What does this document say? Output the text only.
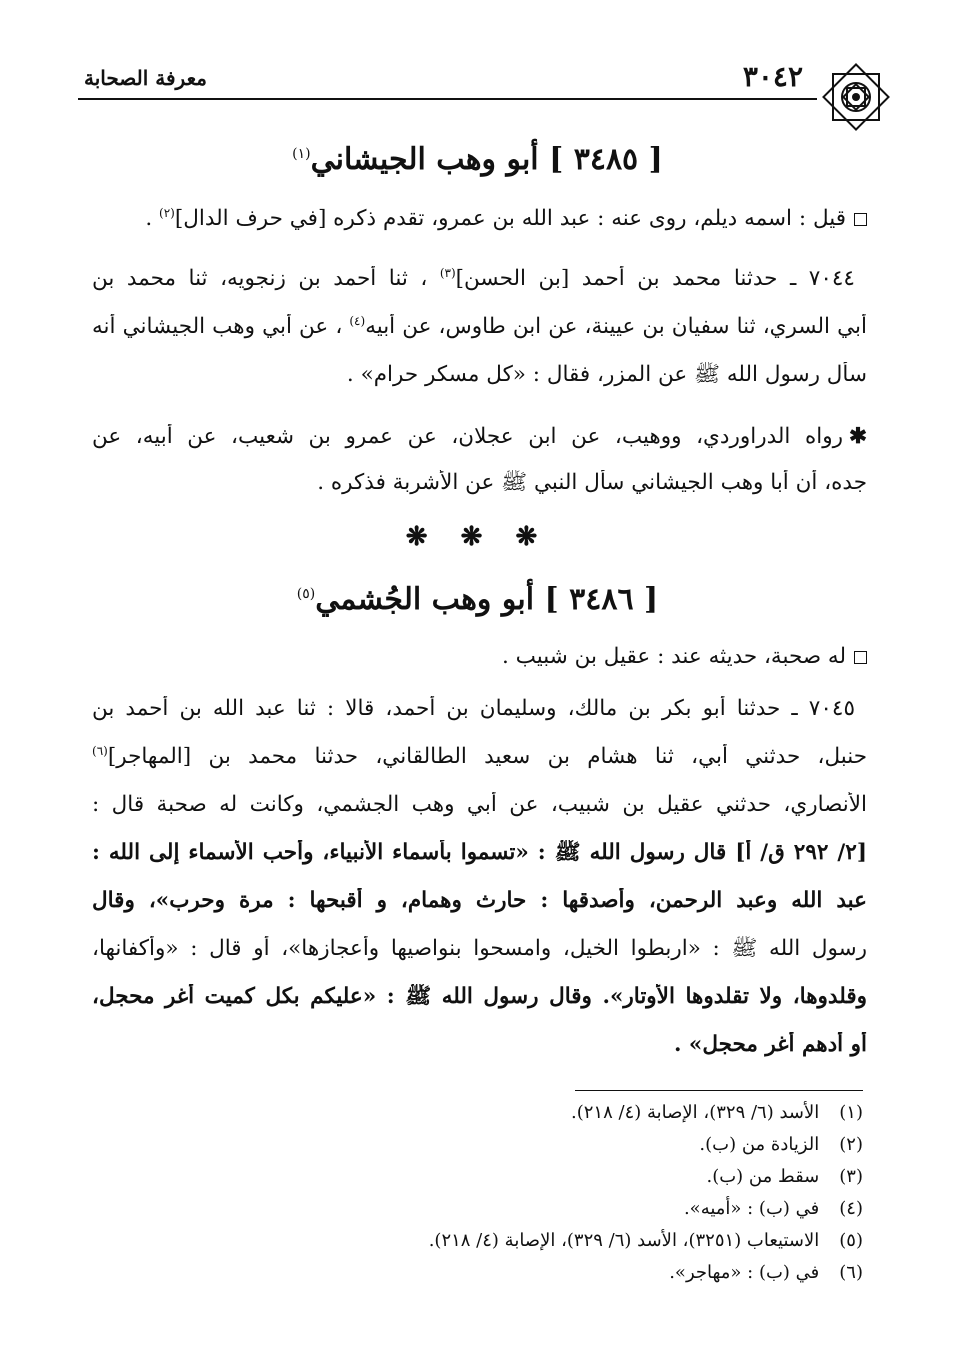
٣٠٤٢
معرفة الصحابة
[ ٣٤٨٥ ] أبو وهب الجيشاني$^{(١)}$
قيل : اسمه ديلم، روى عنه : عبد الله بن عمرو، تقدم ذكره [في حرف الدال]$^{(٢)}$ .
٧٠٤٤ ـ حدثنا محمد بن أحمد [بن الحسن]$^{(٣)}$ ، ثنا أحمد بن زنجويه، ثنا محمد بن
أبي السري، ثنا سفيان بن عيينة، عن ابن طاوس، عن أبيه$^{(٤)}$ ، عن أبي وهب الجيشاني أنه
سأل رسول الله ﷺ عن المزر، فقال : «كل مسكر حرام» .
✱رواه الدراوردي، ووهيب، عن ابن عجلان، عن عمرو بن شعيب، عن أبيه، عن
جده، أن أبا وهب الجيشاني سأل النبي ﷺ عن الأشربة فذكره .
❋ ❋ ❋
[ ٣٤٨٦ ] أبو وهب الجُشمي$^{(٥)}$
له صحبة، حديثه عند : عقيل بن شبيب .
٧٠٤٥ ـ حدثنا أبو بكر بن مالك، وسليمان بن أحمد، قالا : ثنا عبد الله بن أحمد بن
حنبل، حدثني أبي، ثنا هشام بن سعيد الطالقاني، حدثنا محمد بن [المهاجر]$^{(٦)}$
الأنصاري، حدثني عقيل بن شبيب، عن أبي وهب الجشمي، وكانت له صحبة قال :
[٢/ ٢٩٢ ق/ أ] قال رسول الله ﷺ : «تسموا بأسماء الأنبياء، وأحب الأسماء إلى الله :
عبد الله وعبد الرحمن، وأصدقها : حارث وهمام، و أقبحها : مرة وحرب»، وقال
رسول الله ﷺ : «اربطوا الخيل، وامسحوا بنواصيها وأعجازها»، أو قال : «وأكفانها،
وقلدوها، ولا تقلدوها الأوتار». وقال رسول الله ﷺ : «عليكم بكل كميت أغر محجل،
أو أدهم أغر محجل» .
(١) الأسد (٦/ ٣٢٩)، الإصابة (٤/ ٢١٨).
(٢) الزيادة من (ب).
(٣) سقط من (ب).
(٤) في (ب) : «أميه».
(٥) الاستيعاب (٣٢٥١)، الأسد (٦/ ٣٢٩)، الإصابة (٤/ ٢١٨).
(٦) في (ب) : «مهاجر».
